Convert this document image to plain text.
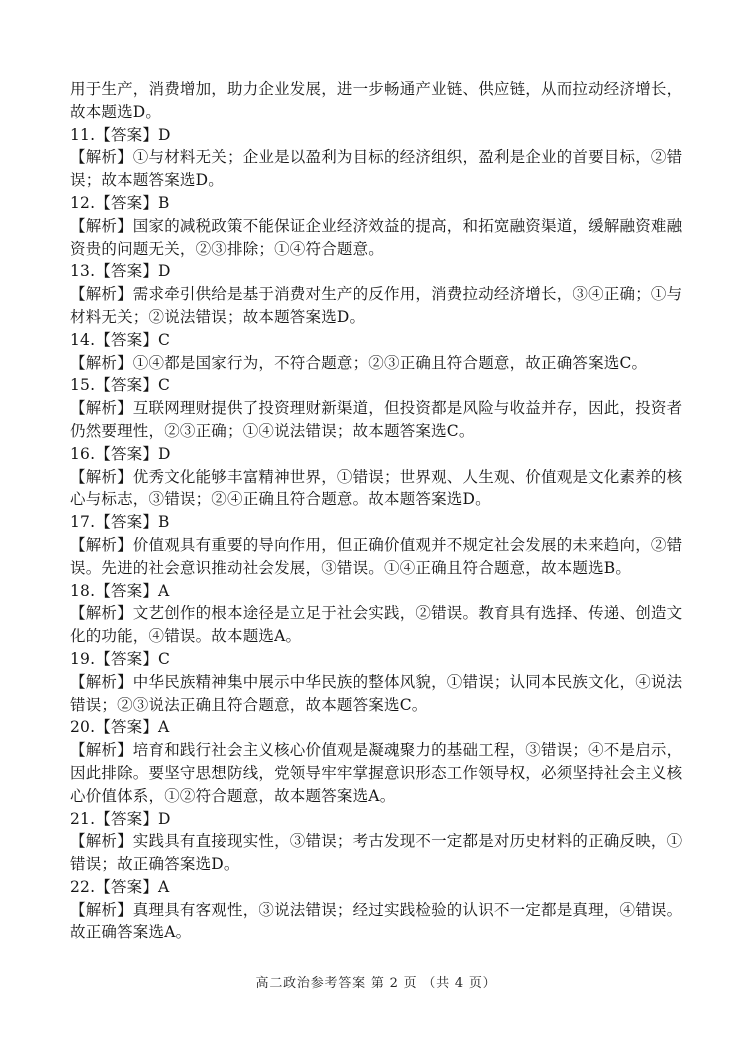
用于生产，消费增加，助力企业发展，进一步畅通产业链、供应链，从而拉动经济增长，故本题选D。

11.【答案】D

【解析】①与材料无关；企业是以盈利为目标的经济组织，盈利是企业的首要目标，②错误；故本题答案选D。

12.【答案】B

【解析】国家的减税政策不能保证企业经济效益的提高，和拓宽融资渠道，缓解融资难融资贵的问题无关，②③排除；①④符合题意。

13.【答案】D

【解析】需求牵引供给是基于消费对生产的反作用，消费拉动经济增长，③④正确；①与材料无关；②说法错误；故本题答案选D。

14.【答案】C

【解析】①④都是国家行为，不符合题意；②③正确且符合题意，故正确答案选C。

15.【答案】C

【解析】互联网理财提供了投资理财新渠道，但投资都是风险与收益并存，因此，投资者仍然要理性，②③正确；①④说法错误；故本题答案选C。

16.【答案】D

【解析】优秀文化能够丰富精神世界，①错误；世界观、人生观、价值观是文化素养的核心与标志，③错误；②④正确且符合题意。故本题答案选D。

17.【答案】B

【解析】价值观具有重要的导向作用，但正确价值观并不规定社会发展的未来趋向，②错误。先进的社会意识推动社会发展，③错误。①④正确且符合题意，故本题选B。

18.【答案】A

【解析】文艺创作的根本途径是立足于社会实践，②错误。教育具有选择、传递、创造文化的功能，④错误。故本题选A。

19.【答案】C

【解析】中华民族精神集中展示中华民族的整体风貌，①错误；认同本民族文化，④说法错误；②③说法正确且符合题意，故本题答案选C。

20.【答案】A

【解析】培育和践行社会主义核心价值观是凝魂聚力的基础工程，③错误；④不是启示，因此排除。要坚守思想防线，党领导牢牢掌握意识形态工作领导权，必须坚持社会主义核心价值体系，①②符合题意，故本题答案选A。

21.【答案】D

【解析】实践具有直接现实性，③错误；考古发现不一定都是对历史材料的正确反映，①错误；故正确答案选D。

22.【答案】A

【解析】真理具有客观性，③说法错误；经过实践检验的认识不一定都是真理，④错误。故正确答案选A。

高二政治参考答案 第 2 页 （共 4 页）
